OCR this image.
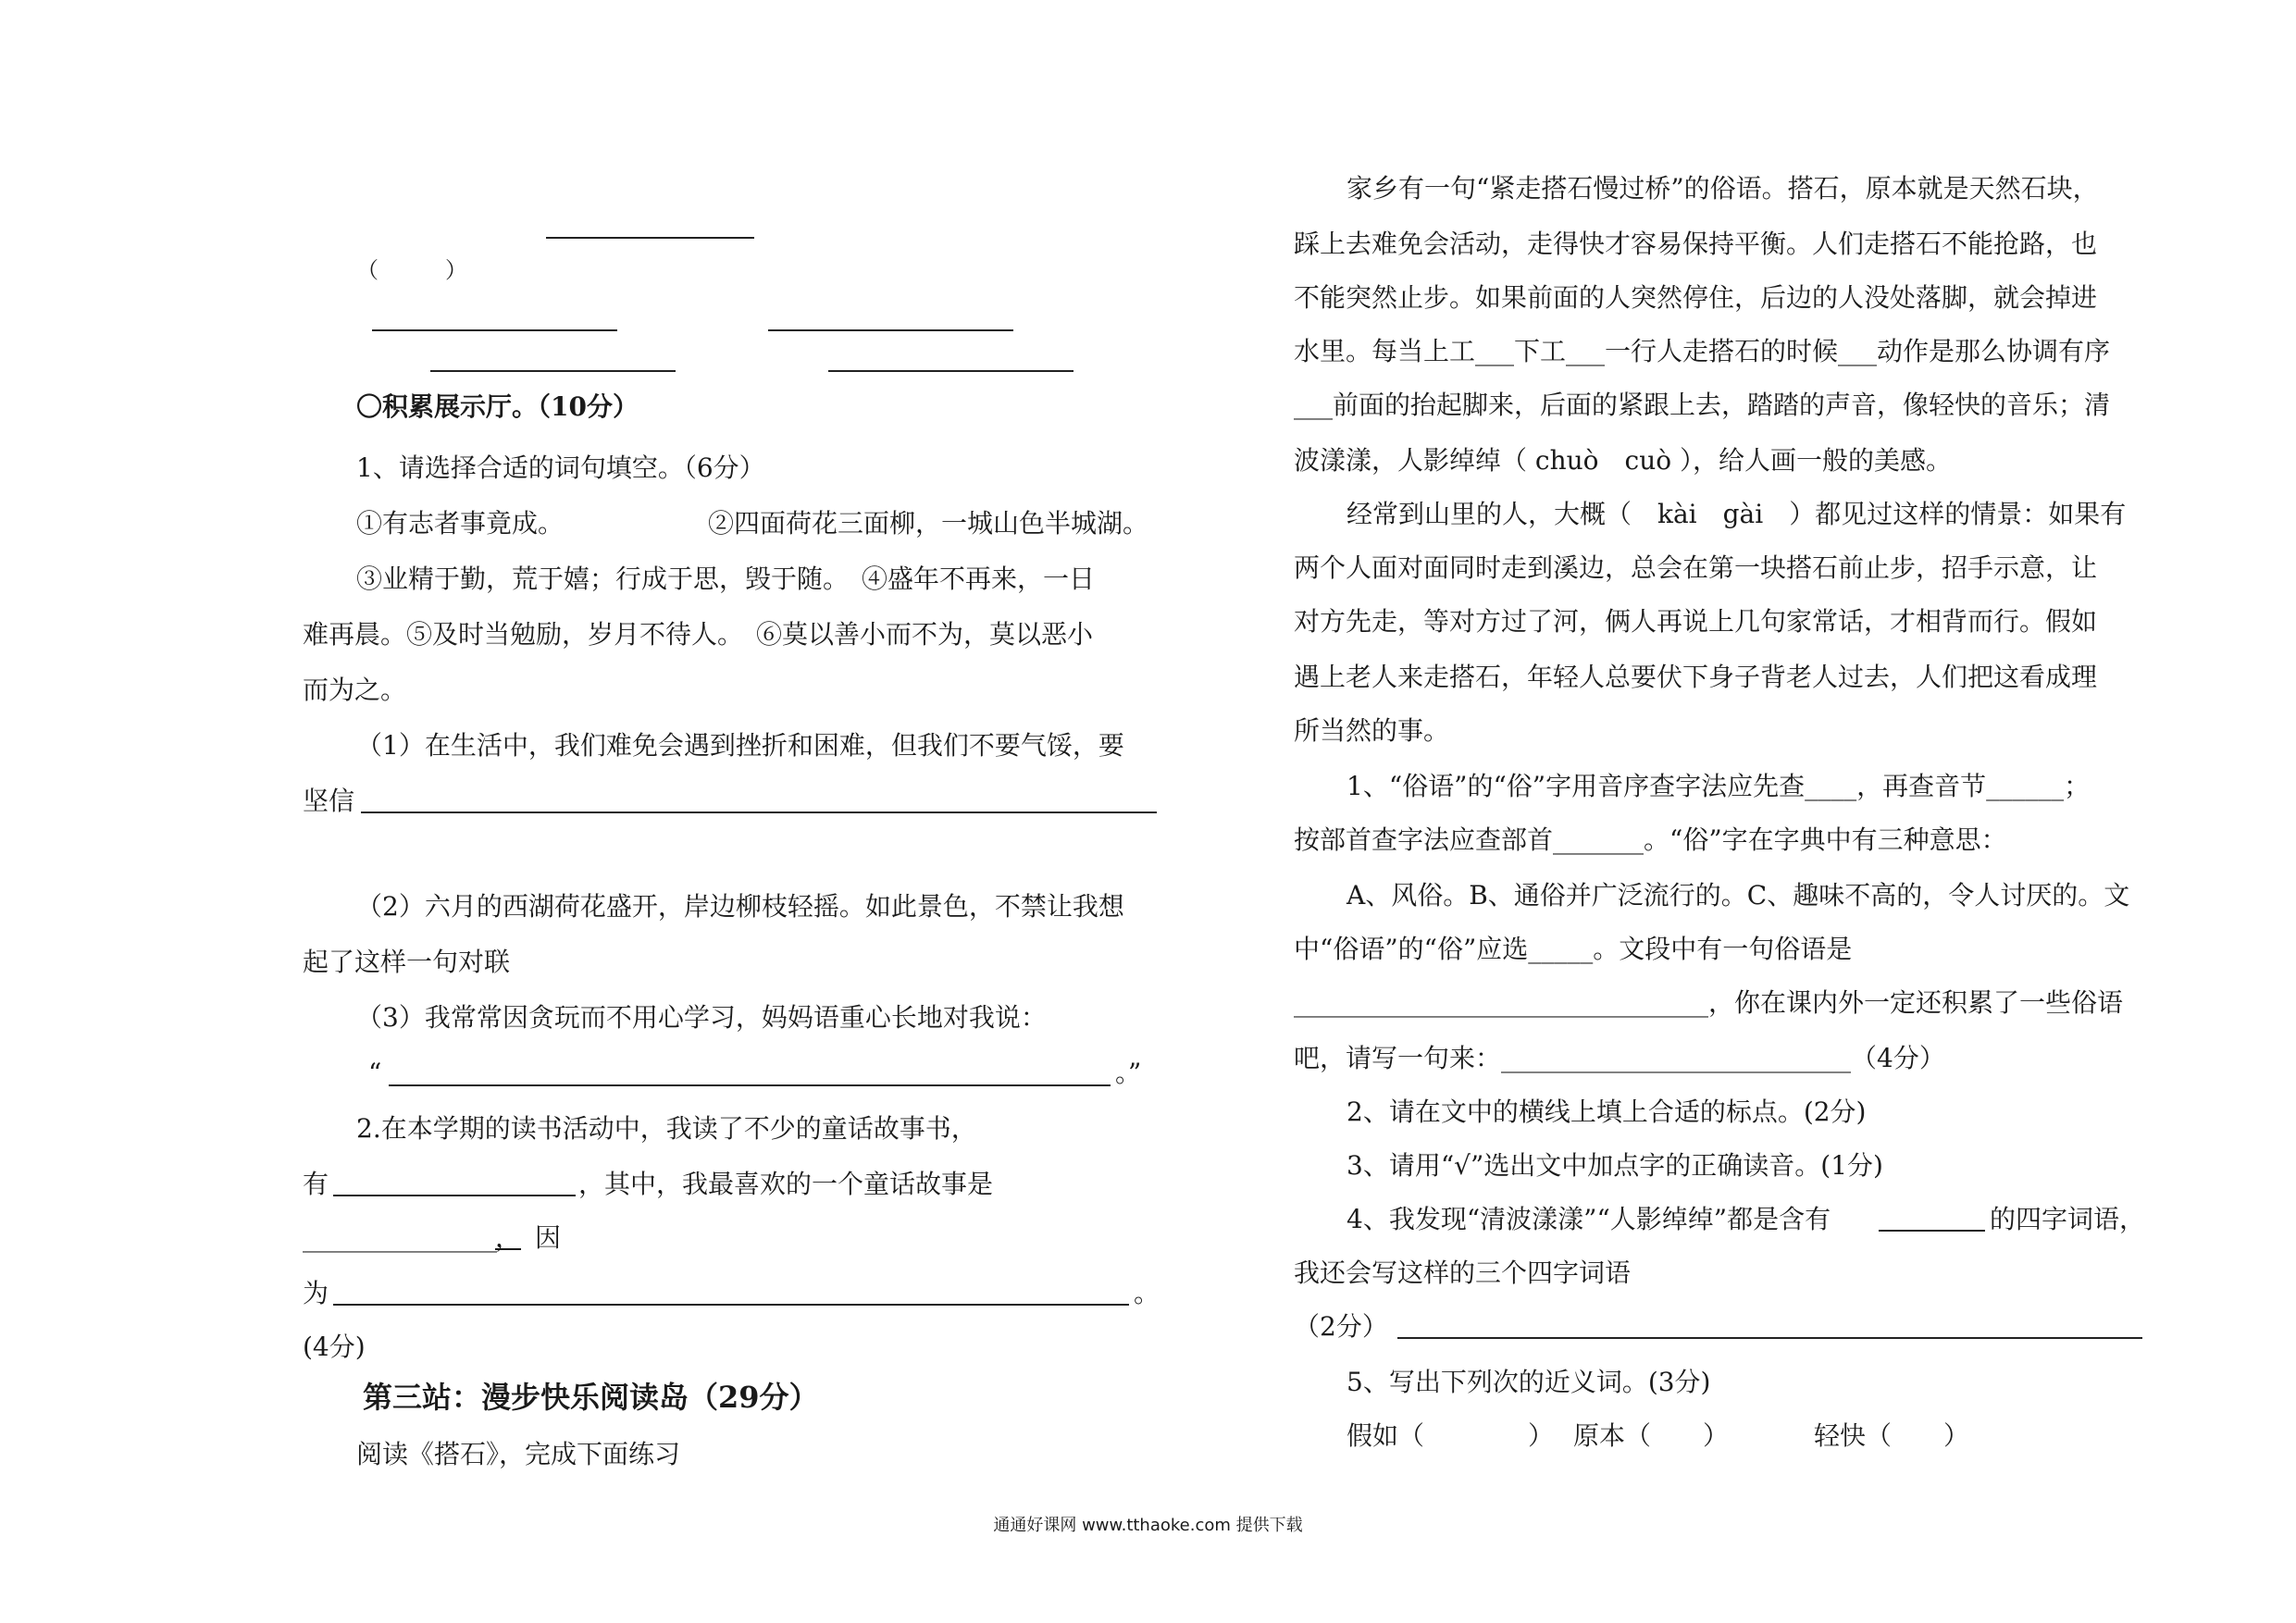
（　　　）
〇积累展示厅。（10分）
1、请选择合适的词句填空。（6分）
①有志者事竟成。	②四面荷花三面柳，一城山色半城湖。
③业精于勤，荒于嬉；行成于思，毁于随。　④盛年不再来，一日
难再晨。⑤及时当勉励，岁月不待人。　⑥莫以善小而不为，莫以恶小
而为之。
（1）在生活中，我们难免会遇到挫折和困难，但我们不要气馁，要
坚信
（2）六月的西湖荷花盛开，岸边柳枝轻摇。如此景色，不禁让我想
起了这样一句对联
（3）我常常因贪玩而不用心学习，妈妈语重心长地对我说：
“	。”
2.在本学期的读书活动中，我读了不少的童话故事书，
有	，其中，我最喜欢的一个童话故事是
_______________
， 因
为	。
(4分)
第三站：漫步快乐阅读岛（29分）
阅读《搭石》，完成下面练习
家乡有一句“紧走搭石慢过桥”的俗语。搭石，原本就是天然石块，
踩上去难免会活动，走得快才容易保持平衡。人们走搭石不能抢路，也
不能突然止步。如果前面的人突然停住，后边的人没处落脚，就会掉进
水里。每当上工___下工___一行人走搭石的时候___动作是那么协调有序
___前面的抬起脚来，后面的紧跟上去，踏踏的声音，像轻快的音乐；清
波漾漾，人影绰绰（ chuò　cuò ），给人画一般的美感。
经常到山里的人，大概（　kài　gài　）都见过这样的情景：如果有
两个人面对面同时走到溪边，总会在第一块搭石前止步，招手示意，让
对方先走，等对方过了河，俩人再说上几句家常话，才相背而行。假如
遇上老人来走搭石，年轻人总要伏下身子背老人过去，人们把这看成理
所当然的事。
1、“俗语”的“俗”字用音序查字法应先查____，再查音节______；
按部首查字法应查部首_______。“俗”字在字典中有三种意思：
A、风俗。B、通俗并广泛流行的。C、趣味不高的，令人讨厌的。文
中“俗语”的“俗”应选_____。文段中有一句俗语是
________________________________，你在课内外一定还积累了一些俗语
吧，请写一句来：___________________________（4分）
2、请在文中的横线上填上合适的标点。(2分)
3、请用“√”选出文中加点字的正确读音。(1分)
4、我发现“清波漾漾”“人影绰绰”都是含有	的四字词语，
我还会写这样的三个四字词语
（2分）
5、写出下列次的近义词。(3分)
假如（　　　　） 原本（　　）	轻快（　　）
通通好课网 www.tthaoke.com 提供下载
